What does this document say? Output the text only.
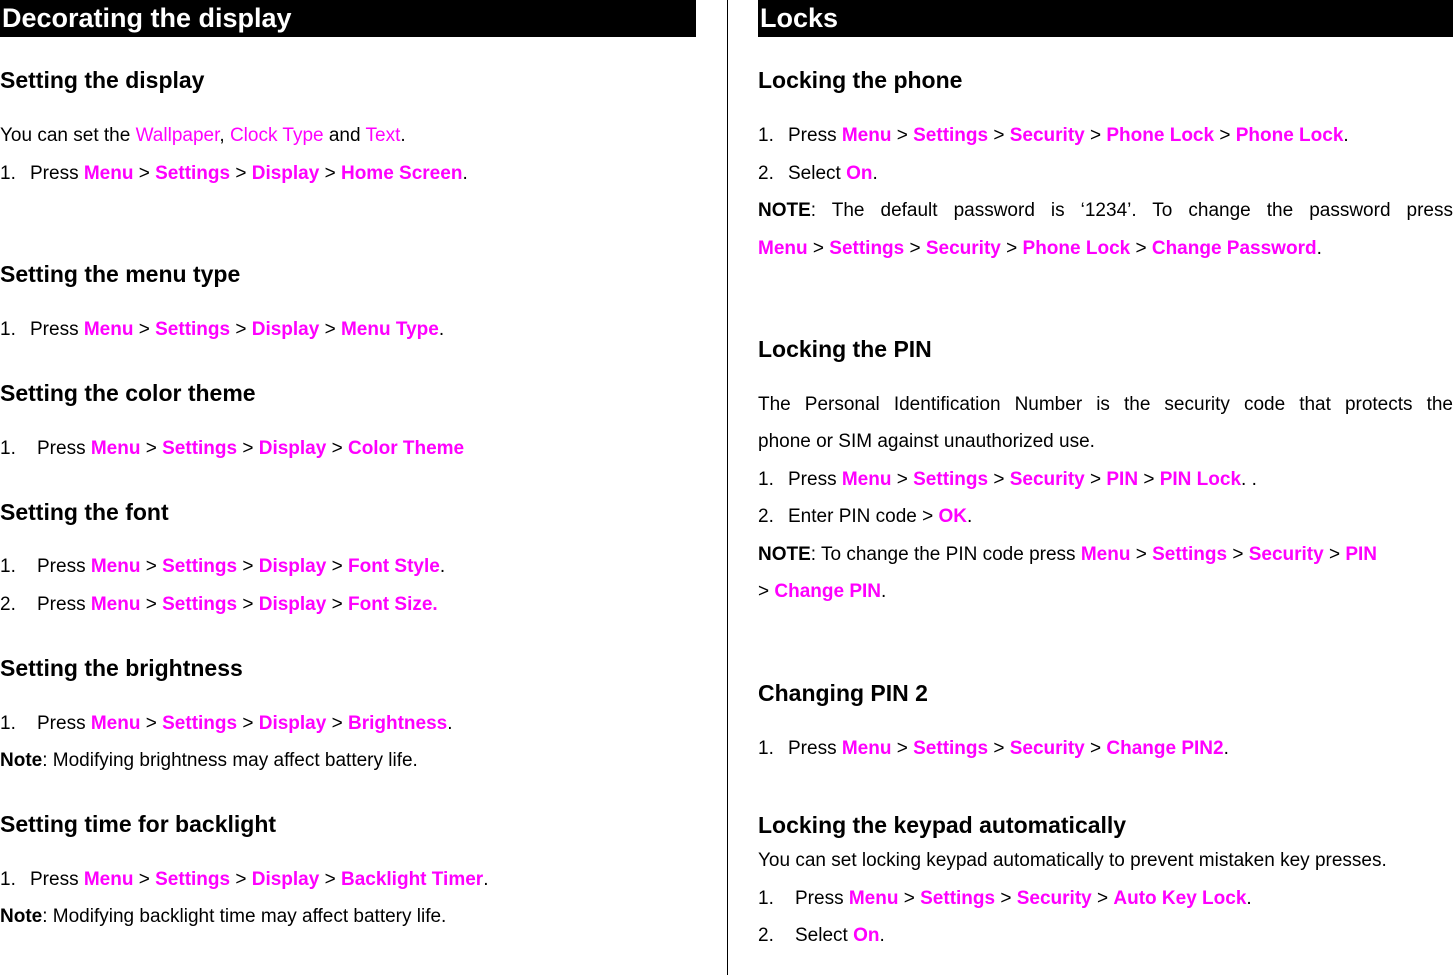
Decorating the display
Setting the display
You can set the Wallpaper, Clock Type and Text.
1. Press Menu > Settings > Display > Home Screen.
Setting the menu type
1. Press Menu > Settings > Display > Menu Type.
Setting the color theme
1. Press Menu > Settings > Display > Color Theme
Setting the font
1. Press Menu > Settings > Display > Font Style.
2. Press Menu > Settings > Display > Font Size.
Setting the brightness
1. Press Menu > Settings > Display > Brightness.
Note: Modifying brightness may affect battery life.
Setting time for backlight
1. Press Menu > Settings > Display > Backlight Timer.
Note: Modifying backlight time may affect battery life.
Locks
Locking the phone
1. Press Menu > Settings > Security > Phone Lock > Phone Lock.
2. Select On.
NOTE: The default password is ‘1234’. To change the password press
Menu > Settings > Security > Phone Lock > Change Password.
Locking the PIN
The Personal Identification Number is the security code that protects the
phone or SIM against unauthorized use.
1. Press Menu > Settings > Security > PIN > PIN Lock. .
2. Enter PIN code > OK.
NOTE: To change the PIN code press Menu > Settings > Security > PIN
> Change PIN.
Changing PIN 2
1. Press Menu > Settings > Security > Change PIN2.
Locking the keypad automatically
You can set locking keypad automatically to prevent mistaken key presses.
1. Press Menu > Settings > Security > Auto Key Lock.
2. Select On.
